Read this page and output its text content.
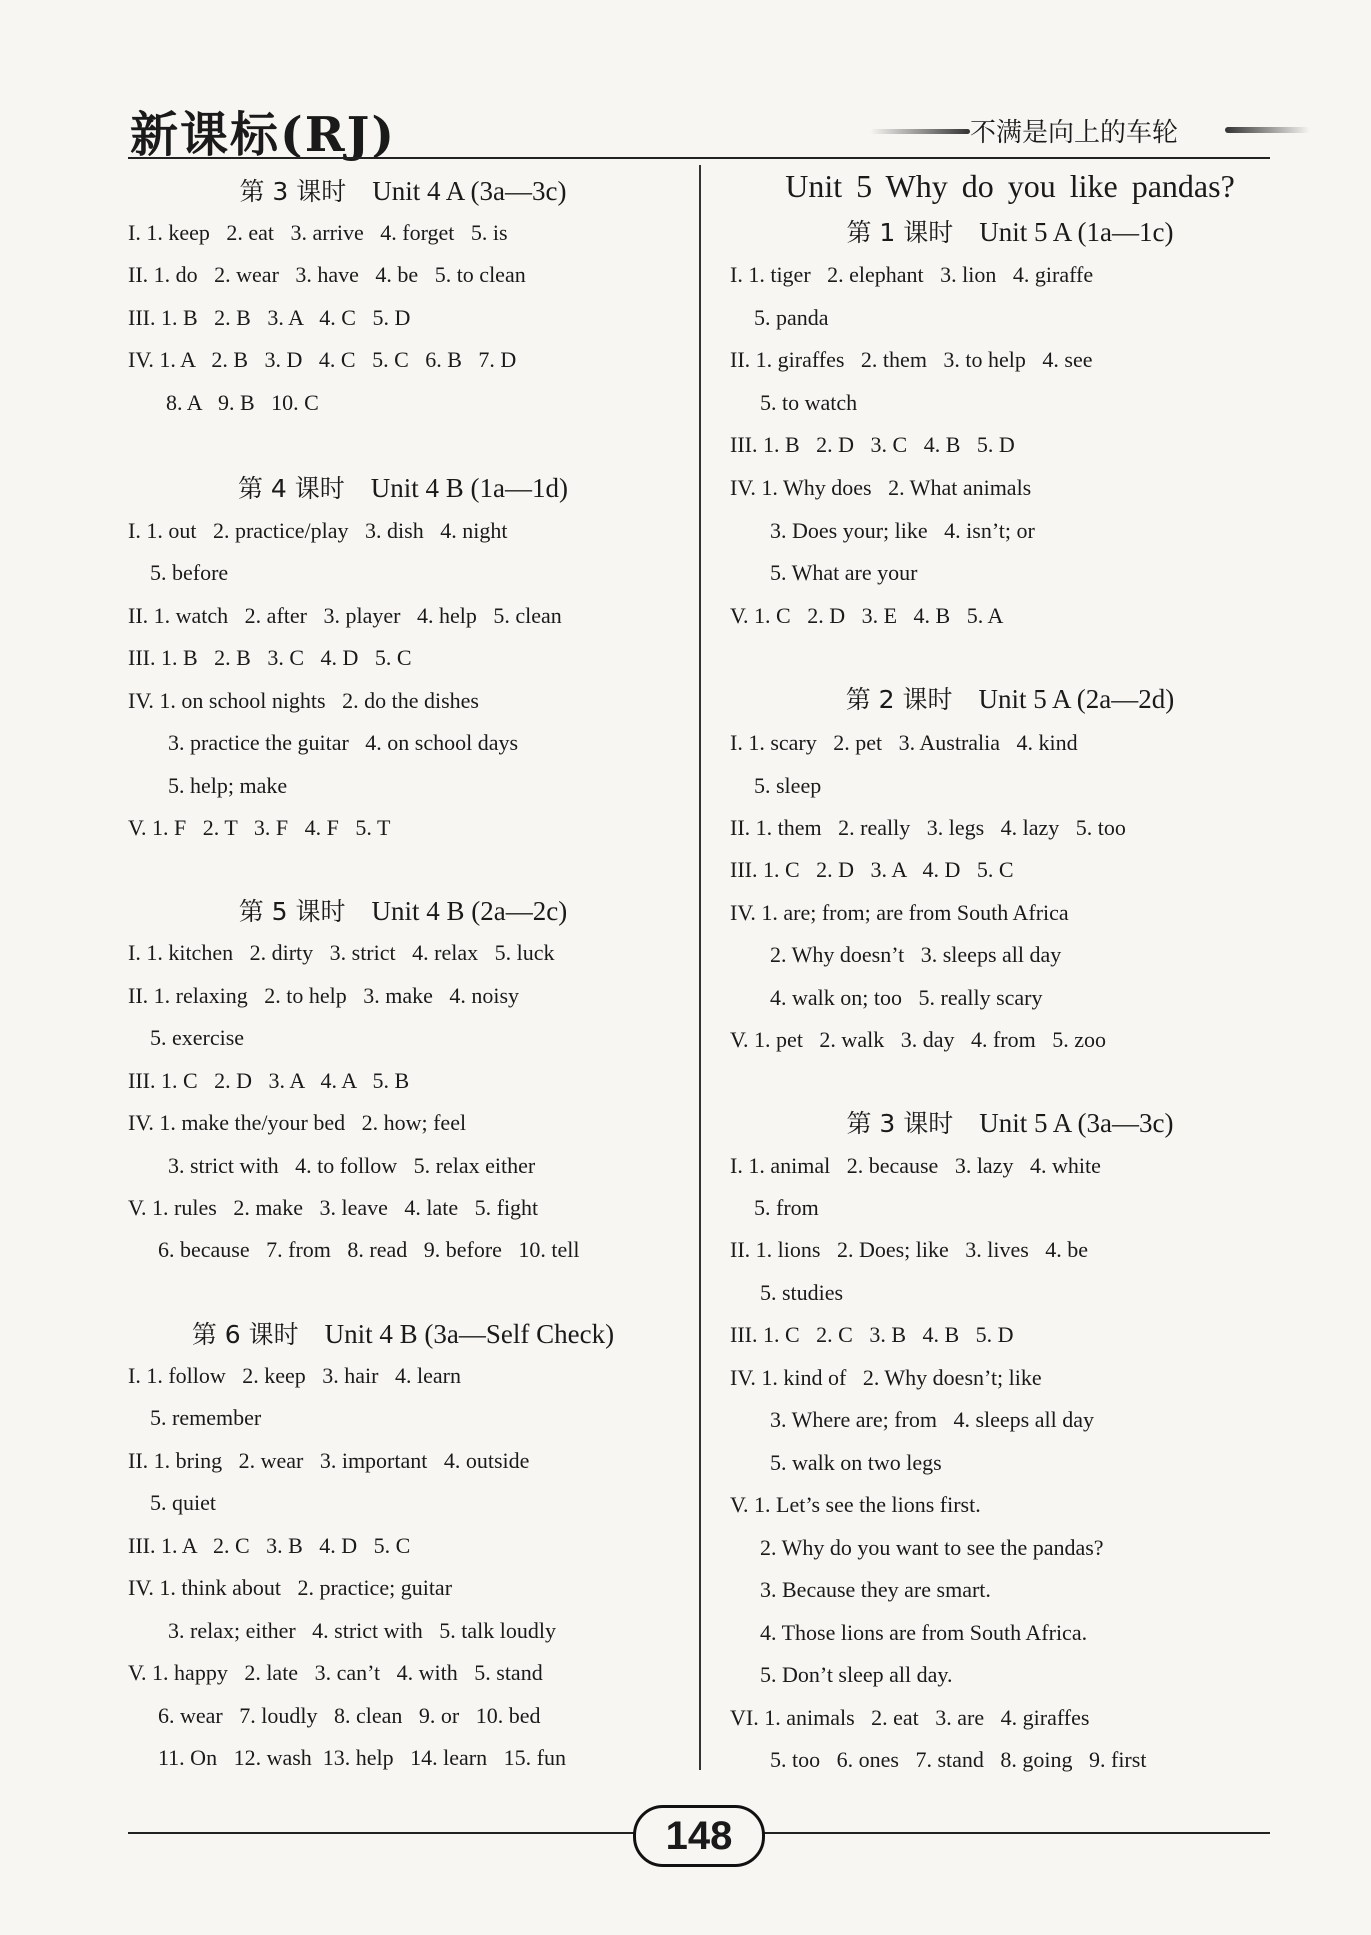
新课标(RJ)	不满是向上的车轮
第 3 课时 Unit 4 A (3a—3c)
I. 1. keep   2. eat   3. arrive   4. forget   5. is
II. 1. do   2. wear   3. have   4. be   5. to clean
III. 1. B   2. B   3. A   4. C   5. D
IV. 1. A   2. B   3. D   4. C   5. C   6. B   7. D
8. A   9. B   10. C
第 4 课时 Unit 4 B (1a—1d)
I. 1. out   2. practice/play   3. dish   4. night
5. before
II. 1. watch   2. after   3. player   4. help   5. clean
III. 1. B   2. B   3. C   4. D   5. C
IV. 1. on school nights   2. do the dishes
3. practice the guitar   4. on school days
5. help; make
V. 1. F   2. T   3. F   4. F   5. T
第 5 课时 Unit 4 B (2a—2c)
I. 1. kitchen   2. dirty   3. strict   4. relax   5. luck
II. 1. relaxing   2. to help   3. make   4. noisy
5. exercise
III. 1. C   2. D   3. A   4. A   5. B
IV. 1. make the/your bed   2. how; feel
3. strict with   4. to follow   5. relax either
V. 1. rules   2. make   3. leave   4. late   5. fight
6. because   7. from   8. read   9. before   10. tell
第 6 课时 Unit 4 B (3a—Self Check)
I. 1. follow   2. keep   3. hair   4. learn
5. remember
II. 1. bring   2. wear   3. important   4. outside
5. quiet
III. 1. A   2. C   3. B   4. D   5. C
IV. 1. think about   2. practice; guitar
3. relax; either   4. strict with   5. talk loudly
V. 1. happy   2. late   3. can’t   4. with   5. stand
6. wear   7. loudly   8. clean   9. or   10. bed
11. On   12. wash  13. help   14. learn   15. fun
Unit 5 Why do you like pandas?
第 1 课时 Unit 5 A (1a—1c)
I. 1. tiger   2. elephant   3. lion   4. giraffe
5. panda
II. 1. giraffes   2. them   3. to help   4. see
5. to watch
III. 1. B   2. D   3. C   4. B   5. D
IV. 1. Why does   2. What animals
3. Does your; like   4. isn’t; or
5. What are your
V. 1. C   2. D   3. E   4. B   5. A
第 2 课时 Unit 5 A (2a—2d)
I. 1. scary   2. pet   3. Australia   4. kind
5. sleep
II. 1. them   2. really   3. legs   4. lazy   5. too
III. 1. C   2. D   3. A   4. D   5. C
IV. 1. are; from; are from South Africa
2. Why doesn’t   3. sleeps all day
4. walk on; too   5. really scary
V. 1. pet   2. walk   3. day   4. from   5. zoo
第 3 课时 Unit 5 A (3a—3c)
I. 1. animal   2. because   3. lazy   4. white
5. from
II. 1. lions   2. Does; like   3. lives   4. be
5. studies
III. 1. C   2. C   3. B   4. B   5. D
IV. 1. kind of   2. Why doesn’t; like
3. Where are; from   4. sleeps all day
5. walk on two legs
V. 1. Let’s see the lions first.
2. Why do you want to see the pandas?
3. Because they are smart.
4. Those lions are from South Africa.
5. Don’t sleep all day.
VI. 1. animals   2. eat   3. are   4. giraffes
5. too   6. ones   7. stand   8. going   9. first
148
